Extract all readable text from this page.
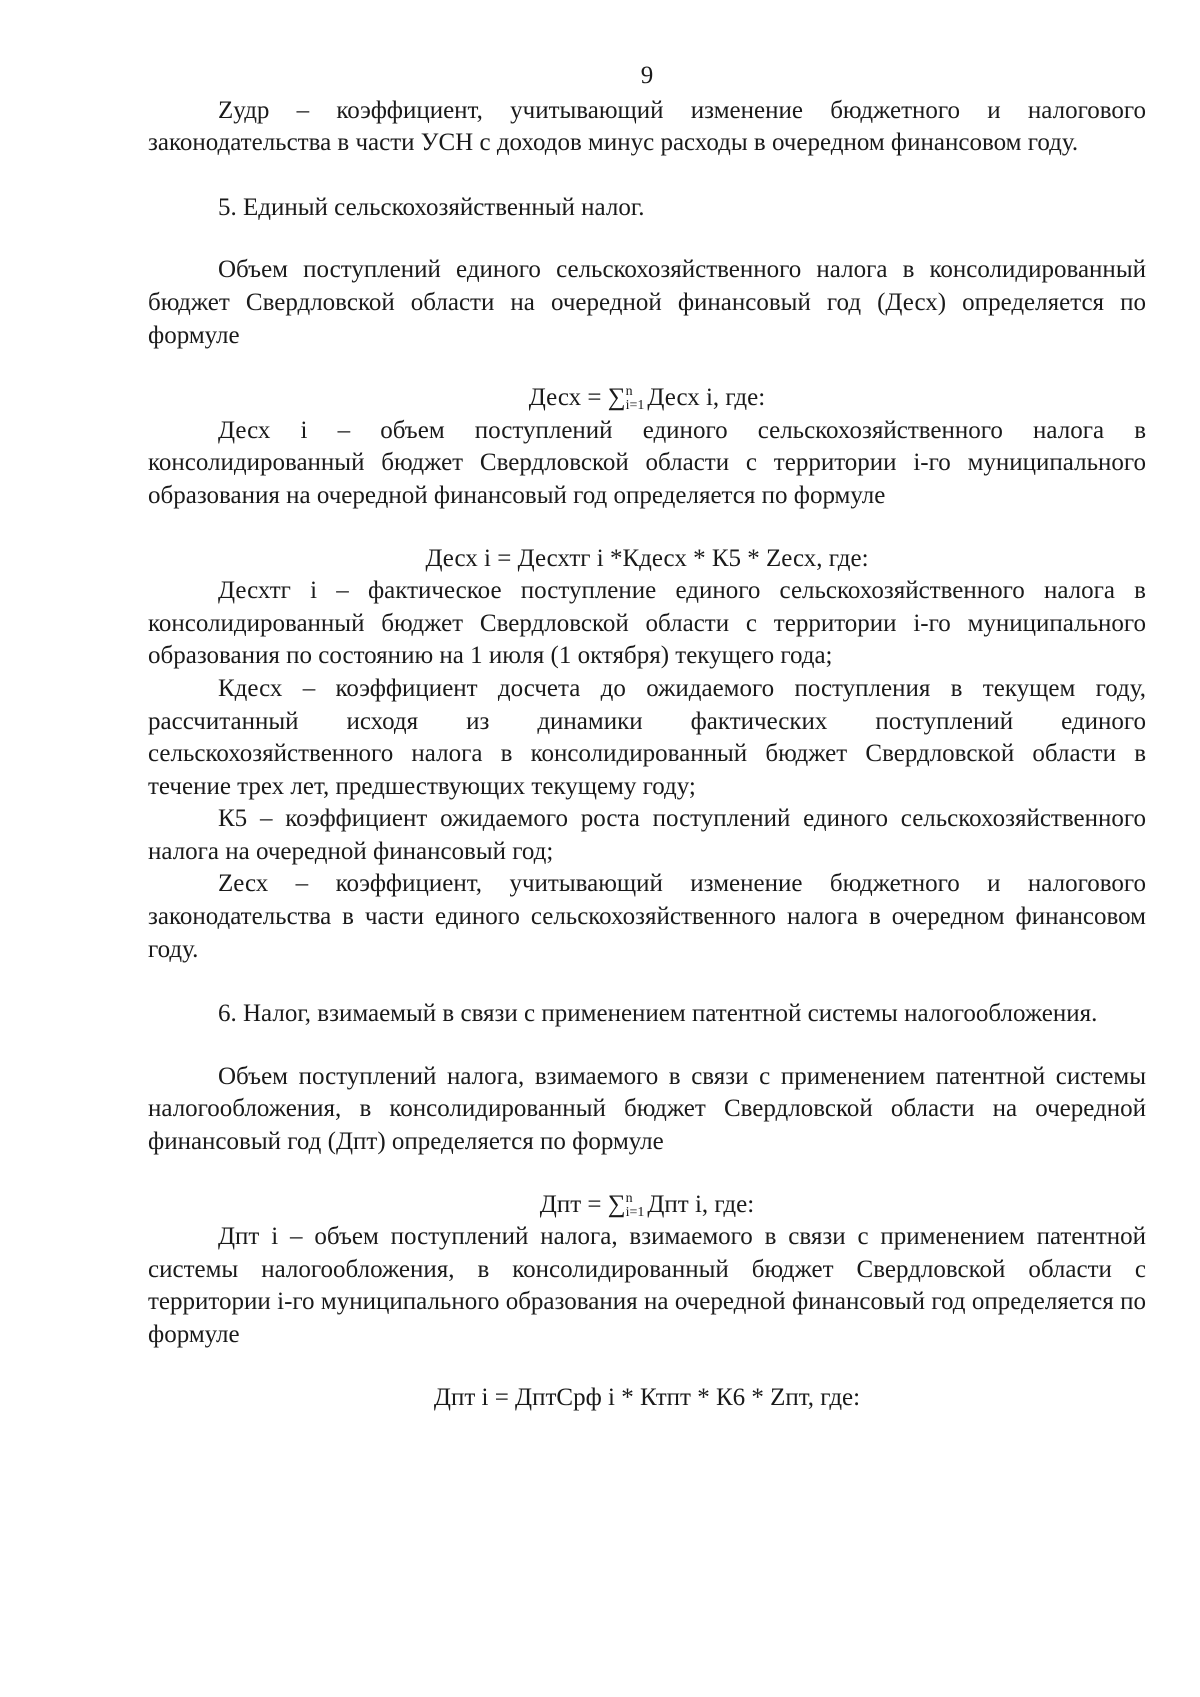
9

Zудр – коэффициент, учитывающий изменение бюджетного и налогового законодательства в части УСН с доходов минус расходы в очередном финансовом году.

5. Единый сельскохозяйственный налог.

Объем поступлений единого сельскохозяйственного налога в консолидированный бюджет Свердловской области на очередной финансовый год (Десх) определяется по формуле

Десх = ∑ n
i=1 Десх i, где:

Десх i – объем поступлений единого сельскохозяйственного налога в консолидированный бюджет Свердловской области с территории i-го муниципального образования на очередной финансовый год определяется по формуле

Десх i = Десхтг i *Кдесх * К5 * Zесх, где:

Десхтг i – фактическое поступление единого сельскохозяйственного налога в консолидированный бюджет Свердловской области с территории i-го муниципального образования по состоянию на 1 июля (1 октября) текущего года;

Кдесх – коэффициент досчета до ожидаемого поступления в текущем году, рассчитанный исходя из динамики фактических поступлений единого сельскохозяйственного налога в консолидированный бюджет Свердловской области в течение трех лет, предшествующих текущему году;

К5 – коэффициент ожидаемого роста поступлений единого сельскохозяйственного налога на очередной финансовый год;

Zесх – коэффициент, учитывающий изменение бюджетного и налогового законодательства в части единого сельскохозяйственного налога в очередном финансовом году.

6. Налог, взимаемый в связи с применением патентной системы налогообложения.

Объем поступлений налога, взимаемого в связи с применением патентной системы налогообложения, в консолидированный бюджет Свердловской области на очередной финансовый год (Дпт) определяется по формуле

Дпт = ∑ n
i=1 Дпт i, где:

Дпт i – объем поступлений налога, взимаемого в связи с применением патентной системы налогообложения, в консолидированный бюджет Свердловской области с территории i-го муниципального образования на очередной финансовый год определяется по формуле

Дпт i = ДптСрф i * Ктпт * К6 * Zпт, где:
